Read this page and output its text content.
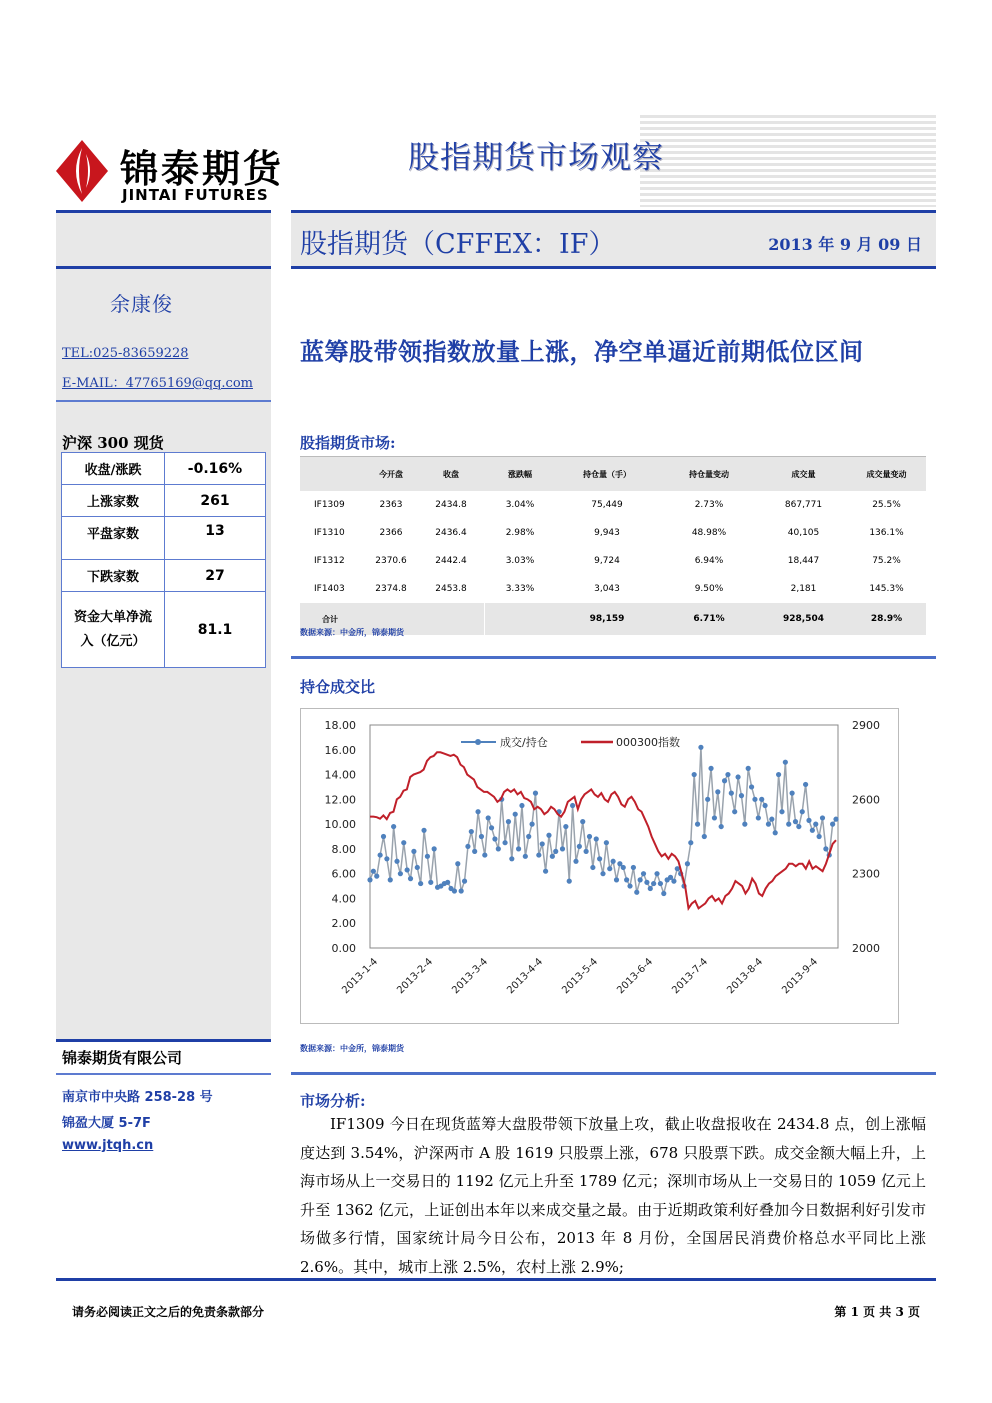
锦泰期货
JINTAI FUTURES
股指期货市场观察
股指期货（CFFEX：IF）	2013 年 9 月 09 日
余康俊
TEL:025-83659228
E-MAIL：47765169@qq.com
沪深 300 现货
收盘/涨跌	-0.16%
上涨家数	261
平盘家数	13
下跌家数	27
资金大单净流入（亿元）	81.1
锦泰期货有限公司
南京市中央路 258-28 号
锦盈大厦 5-7F
www.jtqh.cn
蓝筹股带领指数放量上涨，净空单逼近前期低位区间
股指期货市场:
	今开盘	收盘	涨跌幅	持仓量（手）	持仓量变动	成交量	成交量变动
IF1309	2363	2434.8	3.04%	75,449	2.73%	867,771	25.5%
IF1310	2366	2436.4	2.98%	9,943	48.98%	40,105	136.1%
IF1312	2370.6	2442.4	3.03%	9,724	6.94%	18,447	75.2%
IF1403	2374.8	2453.8	3.33%	3,043	9.50%	2,181	145.3%
合计				98,159	6.71%	928,504	28.9%
数据来源：中金所，锦泰期货
持仓成交比
0.00
2.00
4.00
6.00
8.00
10.00
12.00
14.00
16.00
18.00
2000
2300
2600
2900
2013-1-4 2013-2-4 2013-3-4 2013-4-4 2013-5-4 2013-6-4 2013-7-4 2013-8-4 2013-9-4
成交/持仓	000300指数
数据来源：中金所，锦泰期货
市场分析:

IF1309 今日在现货蓝筹大盘股带领下放量上攻，截止收盘报收在 2434.8 点，创上涨幅度达到 3.54%，沪深两市 A 股 1619 只股票上涨，678 只股票下跌。成交金额大幅上升，上海市场从上一交易日的 1192 亿元上升至 1789 亿元；深圳市场从上一交易日的 1059 亿元上升至 1362 亿元，上证创出本年以来成交量之最。由于近期政策利好叠加今日数据利好引发市场做多行情，国家统计局今日公布，2013 年 8 月份，全国居民消费价格总水平同比上涨 2.6%。其中，城市上涨 2.5%，农村上涨 2.9%;

请务必阅读正文之后的免责条款部分	第 1 页 共 3 页
